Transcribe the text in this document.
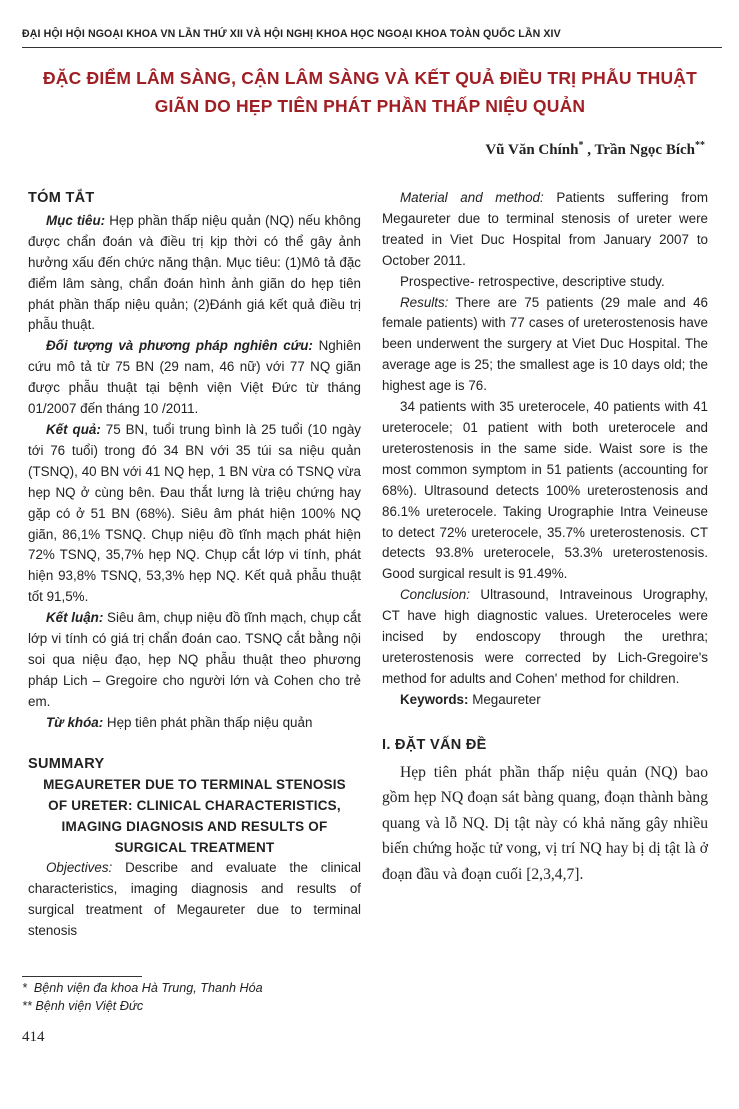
ĐẠI HỘI HỘI NGOẠI KHOA VN LẦN THỨ XII VÀ HỘI NGHỊ KHOA HỌC NGOẠI KHOA TOÀN QUỐC LẦN XIV
ĐẶC ĐIỂM LÂM SÀNG, CẬN LÂM SÀNG VÀ KẾT QUẢ ĐIỀU TRỊ PHẪU THUẬT
GIÃN DO HẸP TIÊN PHÁT PHẦN THẤP NIỆU QUẢN
Vũ Văn Chính* , Trần Ngọc Bích**
TÓM TẮT

Mục tiêu: Hẹp phần thấp niệu quản (NQ) nếu không được chẩn đoán và điều trị kịp thời có thể gây ảnh hưởng xấu đến chức năng thận. Mục tiêu: (1)Mô tả đặc điểm lâm sàng, chẩn đoán hình ảnh giãn do hẹp tiên phát phần thấp niệu quản; (2)Đánh giá kết quả điều trị phẫu thuật.

Đối tượng và phương pháp nghiên cứu: Nghiên cứu mô tả từ 75 BN (29 nam, 46 nữ) với 77 NQ giãn được phẫu thuật tại bệnh viện Việt Đức từ tháng 01/2007 đến tháng 10 /2011.

Kết quả: 75 BN, tuổi trung bình là 25 tuổi (10 ngày tới 76 tuổi) trong đó 34 BN với 35 túi sa niệu quản (TSNQ), 40 BN với 41 NQ hẹp, 1 BN vừa có TSNQ vừa hẹp NQ ở cùng bên. Đau thắt lưng là triệu chứng hay gặp có ở 51 BN (68%). Siêu âm phát hiện 100% NQ giãn, 86,1% TSNQ. Chụp niệu đồ tĩnh mạch phát hiện 72% TSNQ, 35,7% hẹp NQ. Chụp cắt lớp vi tính, phát hiện 93,8% TSNQ, 53,3% hẹp NQ. Kết quả phẫu thuật tốt 91,5%.

Kết luận: Siêu âm, chụp niệu đồ tĩnh mạch, chụp cắt lớp vi tính có giá trị chẩn đoán cao. TSNQ cắt bằng nội soi qua niệu đạo, hẹp NQ phẫu thuật theo phương pháp Lich – Gregoire cho người lớn và Cohen cho trẻ em.

Từ khóa: Hẹp tiên phát phần thấp niệu quản

SUMMARY
MEGAURETER DUE TO TERMINAL STENOSIS OF URETER: CLINICAL CHARACTERISTICS, IMAGING DIAGNOSIS AND RESULTS OF SURGICAL TREATMENT

Objectives: Describe and evaluate the clinical characteristics, imaging diagnosis and results of surgical treatment of Megaureter due to terminal stenosis

Material and method: Patients suffering from Megaureter due to terminal stenosis of ureter were treated in Viet Duc Hospital from January 2007 to October 2011.

Prospective- retrospective, descriptive study.

Results: There are 75 patients (29 male and 46 female patients) with 77 cases of ureterostenosis have been underwent the surgery at Viet Duc Hospital. The average age is 25; the smallest age is 10 days old; the highest age is 76.

34 patients with 35 ureterocele, 40 patients with 41 ureterocele; 01 patient with both ureterocele and ureterostenosis in the same side. Waist sore is the most common symptom in 51 patients (accounting for 68%). Ultrasound detects 100% ureterostenosis and 86.1% ureterocele. Taking Urographie Intra Veineuse to detect 72% ureterocele, 35.7% ureterostenosis. CT detects 93.8% ureterocele, 53.3% ureterostenosis. Good surgical result is 91.49%.

Conclusion: Ultrasound, Intraveinous Urography, CT have high diagnostic values. Ureteroceles were incised by endoscopy through the urethra; ureterostenosis were corrected by Lich-Gregoire's method for adults and Cohen' method for children.

Keywords: Megaureter

I. ĐẶT VẤN ĐỀ

Hẹp tiên phát phần thấp niệu quản (NQ) bao gồm hẹp NQ đoạn sát bàng quang, đoạn thành bàng quang và lỗ NQ. Dị tật này có khả năng gây nhiều biến chứng hoặc tử vong, vị trí NQ hay bị dị tật là ở đoạn đầu và đoạn cuối [2,3,4,7].

* Bệnh viện đa khoa Hà Trung, Thanh Hóa
** Bệnh viện Việt Đức
414
